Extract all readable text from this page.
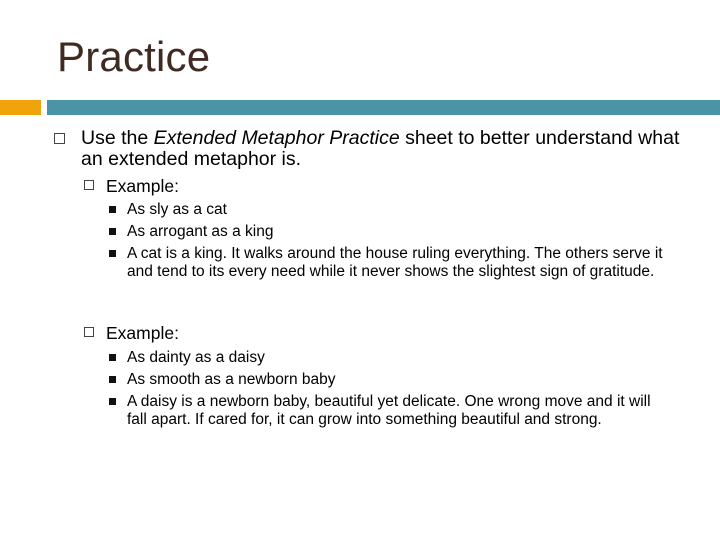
Practice
Use the Extended Metaphor Practice sheet to better understand what an extended metaphor is.
Example:
As sly as a cat
As arrogant as a king
A cat is a king. It walks around the house ruling everything. The others serve it and tend to its every need while it never shows the slightest sign of gratitude.
Example:
As dainty as a daisy
As smooth as a newborn baby
A daisy is a newborn baby, beautiful yet delicate. One wrong move and it will fall apart. If cared for, it can grow into something beautiful and strong.
